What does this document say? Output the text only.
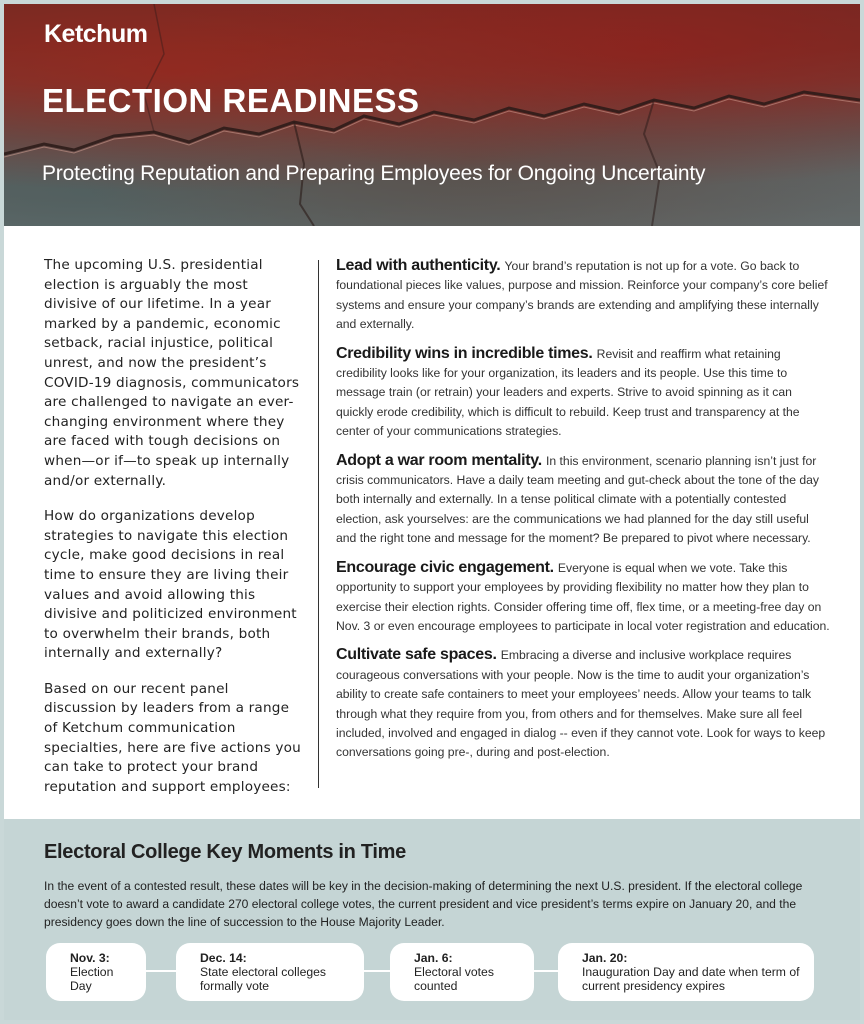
Ketchum
ELECTION READINESS
Protecting Reputation and Preparing Employees for Ongoing Uncertainty

The upcoming U.S. presidential election is arguably the most divisive of our lifetime. In a year marked by a pandemic, economic setback, racial injustice, political unrest, and now the president’s COVID-19 diagnosis, communicators are challenged to navigate an ever-changing environment where they are faced with tough decisions on when—or if—to speak up internally and/or externally.

How do organizations develop strategies to navigate this election cycle, make good decisions in real time to ensure they are living their values and avoid allowing this divisive and politicized environment to overwhelm their brands, both internally and externally?

Based on our recent panel discussion by leaders from a range of Ketchum communication specialties, here are five actions you can take to protect your brand reputation and support employees:

Lead with authenticity. Your brand’s reputation is not up for a vote. Go back to foundational pieces like values, purpose and mission. Reinforce your company’s core belief systems and ensure your company’s brands are extending and amplifying these internally and externally.
Credibility wins in incredible times. Revisit and reaffirm what retaining credibility looks like for your organization, its leaders and its people. Use this time to message train (or retrain) your leaders and experts. Strive to avoid spinning as it can quickly erode credibility, which is difficult to rebuild. Keep trust and transparency at the center of your communications strategies.
Adopt a war room mentality. In this environment, scenario planning isn’t just for crisis communicators. Have a daily team meeting and gut-check about the tone of the day both internally and externally. In a tense political climate with a potentially contested election, ask yourselves: are the communications we had planned for the day still useful and the right tone and message for the moment? Be prepared to pivot where necessary.
Encourage civic engagement. Everyone is equal when we vote. Take this opportunity to support your employees by providing flexibility no matter how they plan to exercise their election rights. Consider offering time off, flex time, or a meeting-free day on Nov. 3 or even encourage employees to participate in local voter registration and education.
Cultivate safe spaces. Embracing a diverse and inclusive workplace requires courageous conversations with your people. Now is the time to audit your organization’s ability to create safe containers to meet your employees’ needs. Allow your teams to talk through what they require from you, from others and for themselves. Make sure all feel included, involved and engaged in dialog -- even if they cannot vote. Look for ways to keep conversations going pre-, during and post-election.
Electoral College Key Moments in Time
In the event of a contested result, these dates will be key in the decision-making of determining the next U.S. president. If the electoral college doesn’t vote to award a candidate 270 electoral college votes, the current president and vice president’s terms expire on January 20, and the presidency goes down the line of succession to the House Majority Leader.
Nov. 3:
Election Day
Dec. 14:
State electoral colleges formally vote
Jan. 6:
Electoral votes counted
Jan. 20:
Inauguration Day and date when term of current presidency expires
